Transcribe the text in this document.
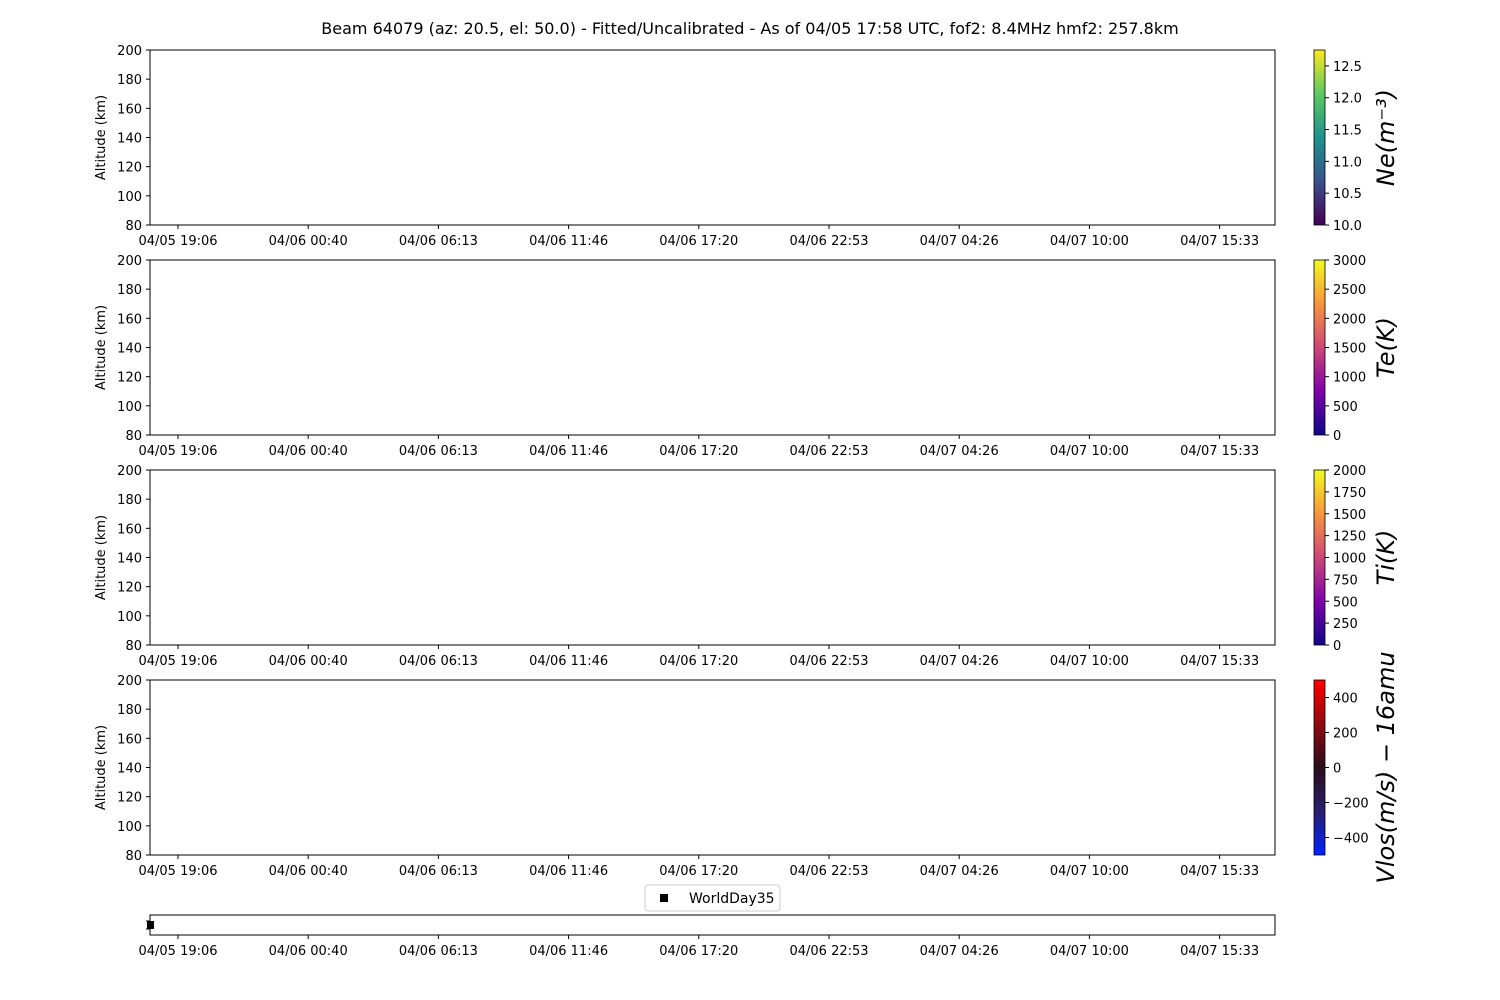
Beam 64079 (az: 20.5, el: 50.0) - Fitted/Uncalibrated - As of 04/05 17:58 UTC, fof2: 8.4MHz hmf2: 257.8km
80
100
120
140
160
180
200
Altitude (km)
04/05 19:06	04/06 00:40	04/06 06:13	04/06 11:46	04/06 17:20	04/06 22:53	04/07 04:26	04/07 10:00	04/07 15:33
80
100
120
140
160
180
200
Altitude (km)
04/05 19:06	04/06 00:40	04/06 06:13	04/06 11:46	04/06 17:20	04/06 22:53	04/07 04:26	04/07 10:00	04/07 15:33
80
100
120
140
160
180
200
Altitude (km)
04/05 19:06	04/06 00:40	04/06 06:13	04/06 11:46	04/06 17:20	04/06 22:53	04/07 04:26	04/07 10:00	04/07 15:33
80
100
120
140
160
180
200
Altitude (km)
04/05 19:06	04/06 00:40	04/06 06:13	04/06 11:46	04/06 17:20	04/06 22:53	04/07 04:26	04/07 10:00	04/07 15:33
10.0
10.5
11.0
11.5
12.0
12.5
Ne(m⁻³)
0
500
1000
1500
2000
2500
3000
Te(K)
0
250
500
750
1000
1250
1500
1750
2000
Ti(K)
−400
−200
0
200
400 Vlos(m/s) − 16amu
WorldDay35
04/05 19:06	04/06 00:40	04/06 06:13	04/06 11:46	04/06 17:20	04/06 22:53	04/07 04:26	04/07 10:00	04/07 15:33
